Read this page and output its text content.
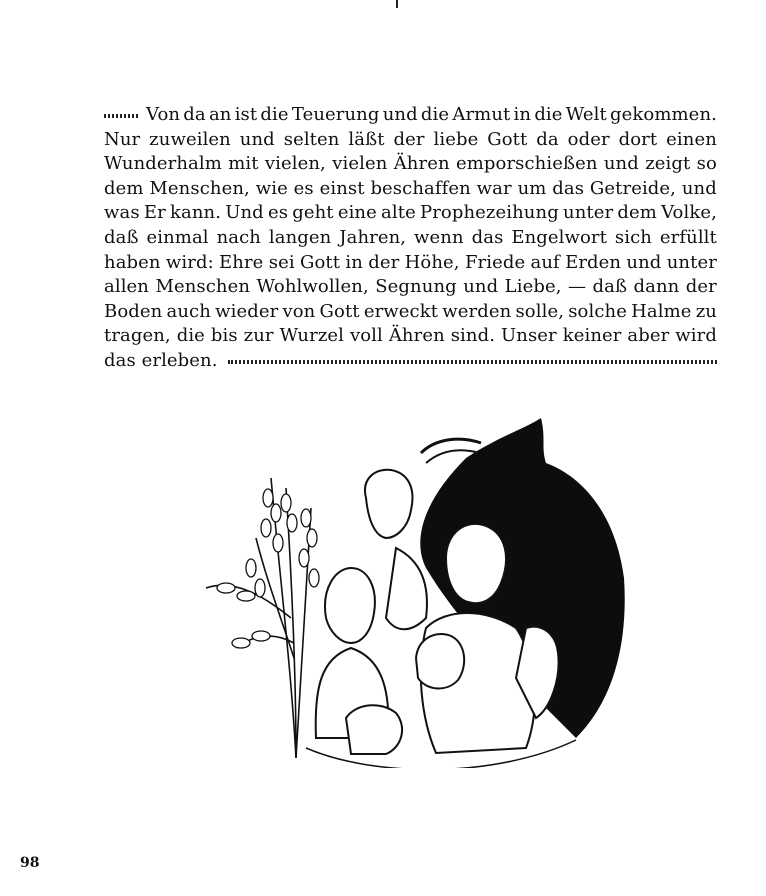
Von da an ist die Teuerung und die Armut in die Welt gekommen.
Nur zuweilen und selten läßt der liebe Gott da oder dort einen
Wunderhalm mit vielen, vielen Ähren emporschießen und zeigt so
dem Menschen, wie es einst beschaffen war um das Getreide, und
was Er kann. Und es geht eine alte Prophezeihung unter dem Volke,
daß einmal nach langen Jahren, wenn das Engelwort sich erfüllt
haben wird: Ehre sei Gott in der Höhe, Friede auf Erden und unter
allen Menschen Wohlwollen, Segnung und Liebe, — daß dann der
Boden auch wieder von Gott erweckt werden solle, solche Halme zu
tragen, die bis zur Wurzel voll Ähren sind. Unser keiner aber wird
das erleben.
98
